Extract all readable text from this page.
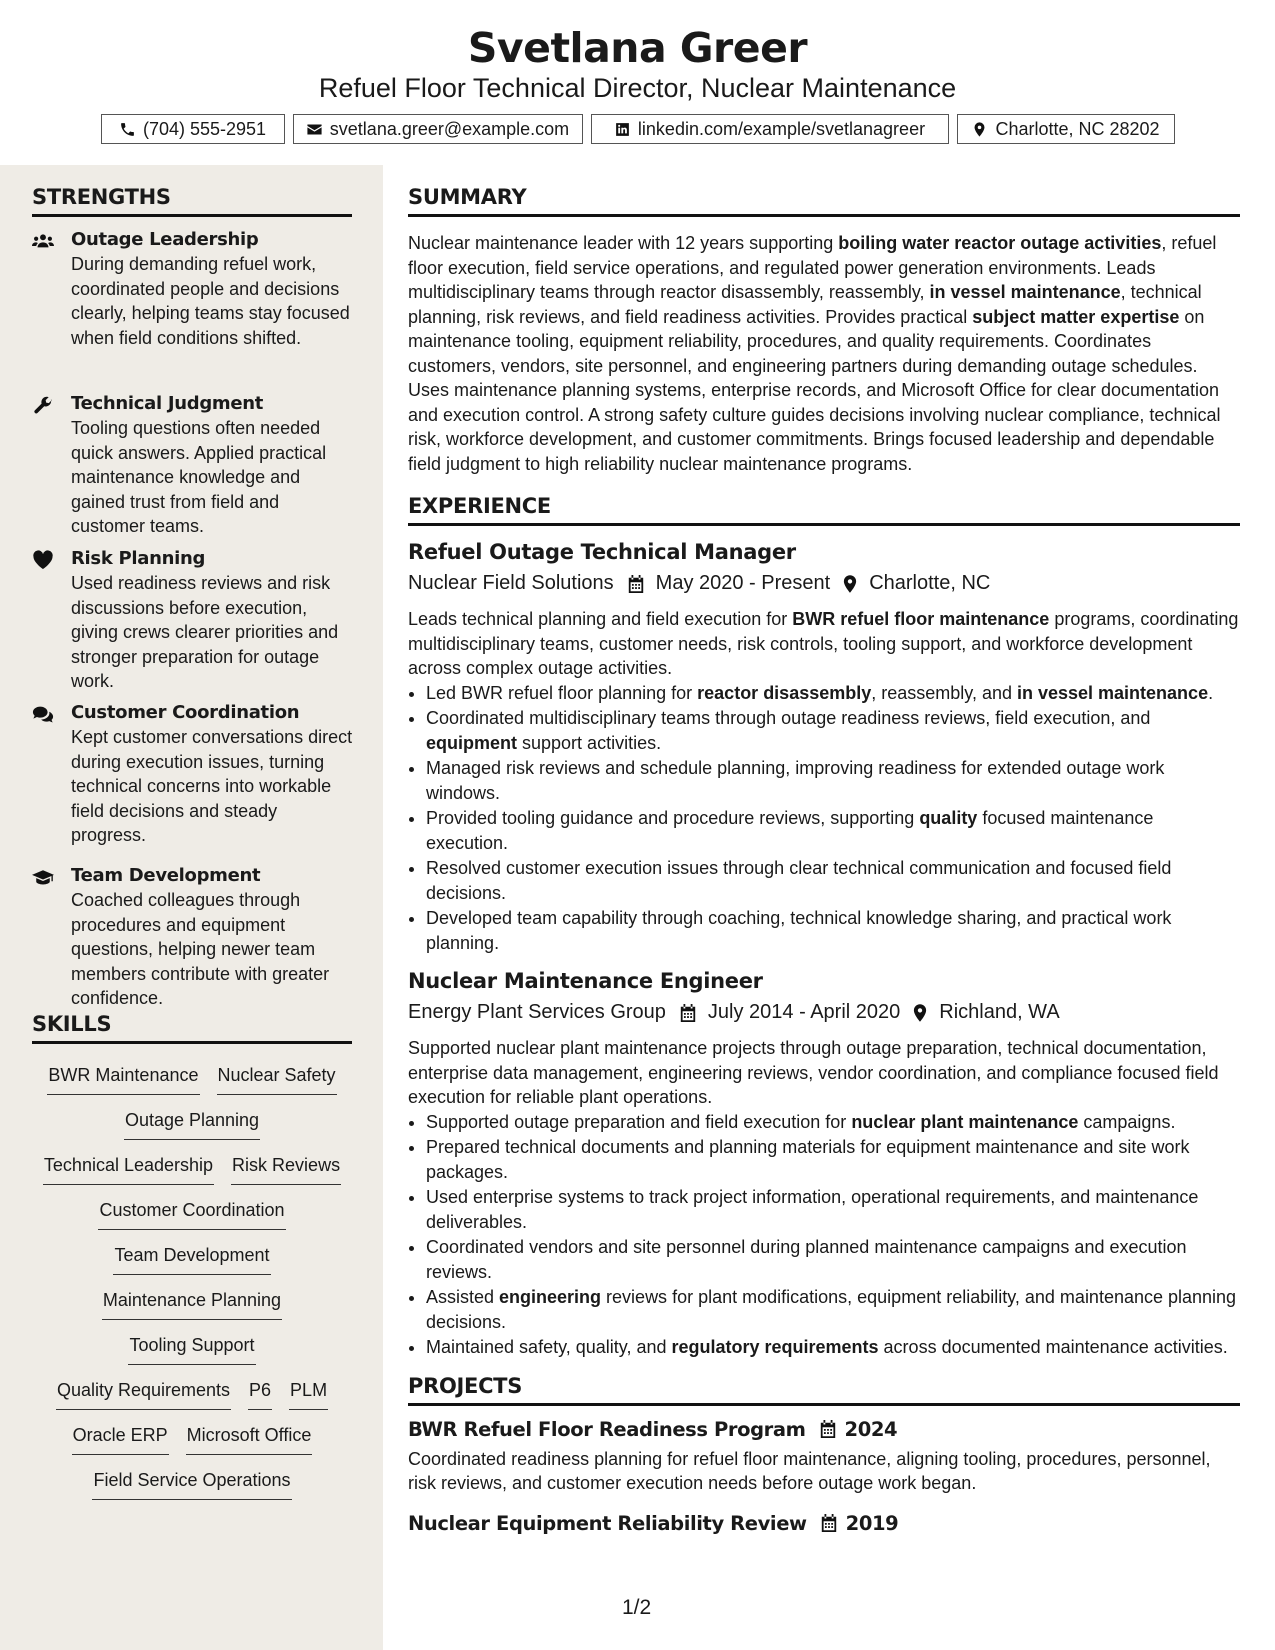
Svetlana Greer
Refuel Floor Technical Director, Nuclear Maintenance
(704) 555-2951	svetlana.greer@example.com	linkedin.com/example/svetlanagreer	Charlotte, NC 28202
STRENGTHS
Outage Leadership
During demanding refuel work, coordinated people and decisions clearly, helping teams stay focused when field conditions shifted.
Technical Judgment
Tooling questions often needed quick answers. Applied practical maintenance knowledge and gained trust from field and customer teams.
Risk Planning
Used readiness reviews and risk discussions before execution, giving crews clearer priorities and stronger preparation for outage work.
Customer Coordination
Kept customer conversations direct during execution issues, turning technical concerns into workable field decisions and steady progress.
Team Development
Coached colleagues through procedures and equipment questions, helping newer team members contribute with greater confidence.
SKILLS
BWR Maintenance Nuclear Safety
Outage Planning
Technical Leadership Risk Reviews
Customer Coordination
Team Development
Maintenance Planning
Tooling Support
Quality Requirements P6 PLM
Oracle ERP Microsoft Office
Field Service Operations
SUMMARY
Nuclear maintenance leader with 12 years supporting boiling water reactor outage activities, refuel floor execution, field service operations, and regulated power generation environments. Leads multidisciplinary teams through reactor disassembly, reassembly, in vessel maintenance, technical planning, risk reviews, and field readiness activities. Provides practical subject matter expertise on maintenance tooling, equipment reliability, procedures, and quality requirements. Coordinates customers, vendors, site personnel, and engineering partners during demanding outage schedules. Uses maintenance planning systems, enterprise records, and Microsoft Office for clear documentation and execution control. A strong safety culture guides decisions involving nuclear compliance, technical risk, workforce development, and customer commitments. Brings focused leadership and dependable field judgment to high reliability nuclear maintenance programs.
EXPERIENCE
Refuel Outage Technical Manager
Nuclear Field Solutions May 2020 - Present Charlotte, NC
Leads technical planning and field execution for BWR refuel floor maintenance programs, coordinating multidisciplinary teams, customer needs, risk controls, tooling support, and workforce development across complex outage activities.
• Led BWR refuel floor planning for reactor disassembly, reassembly, and in vessel maintenance.
• Coordinated multidisciplinary teams through outage readiness reviews, field execution, and equipment support activities.
• Managed risk reviews and schedule planning, improving readiness for extended outage work windows.
• Provided tooling guidance and procedure reviews, supporting quality focused maintenance execution.
• Resolved customer execution issues through clear technical communication and focused field decisions.
• Developed team capability through coaching, technical knowledge sharing, and practical work planning.
Nuclear Maintenance Engineer
Energy Plant Services Group July 2014 - April 2020 Richland, WA
Supported nuclear plant maintenance projects through outage preparation, technical documentation, enterprise data management, engineering reviews, vendor coordination, and compliance focused field execution for reliable plant operations.
• Supported outage preparation and field execution for nuclear plant maintenance campaigns.
• Prepared technical documents and planning materials for equipment maintenance and site work packages.
• Used enterprise systems to track project information, operational requirements, and maintenance deliverables.
• Coordinated vendors and site personnel during planned maintenance campaigns and execution reviews.
• Assisted engineering reviews for plant modifications, equipment reliability, and maintenance planning decisions.
• Maintained safety, quality, and regulatory requirements across documented maintenance activities.
PROJECTS
BWR Refuel Floor Readiness Program 2024
Coordinated readiness planning for refuel floor maintenance, aligning tooling, procedures, personnel, risk reviews, and customer execution needs before outage work began.
Nuclear Equipment Reliability Review 2019
1/2
